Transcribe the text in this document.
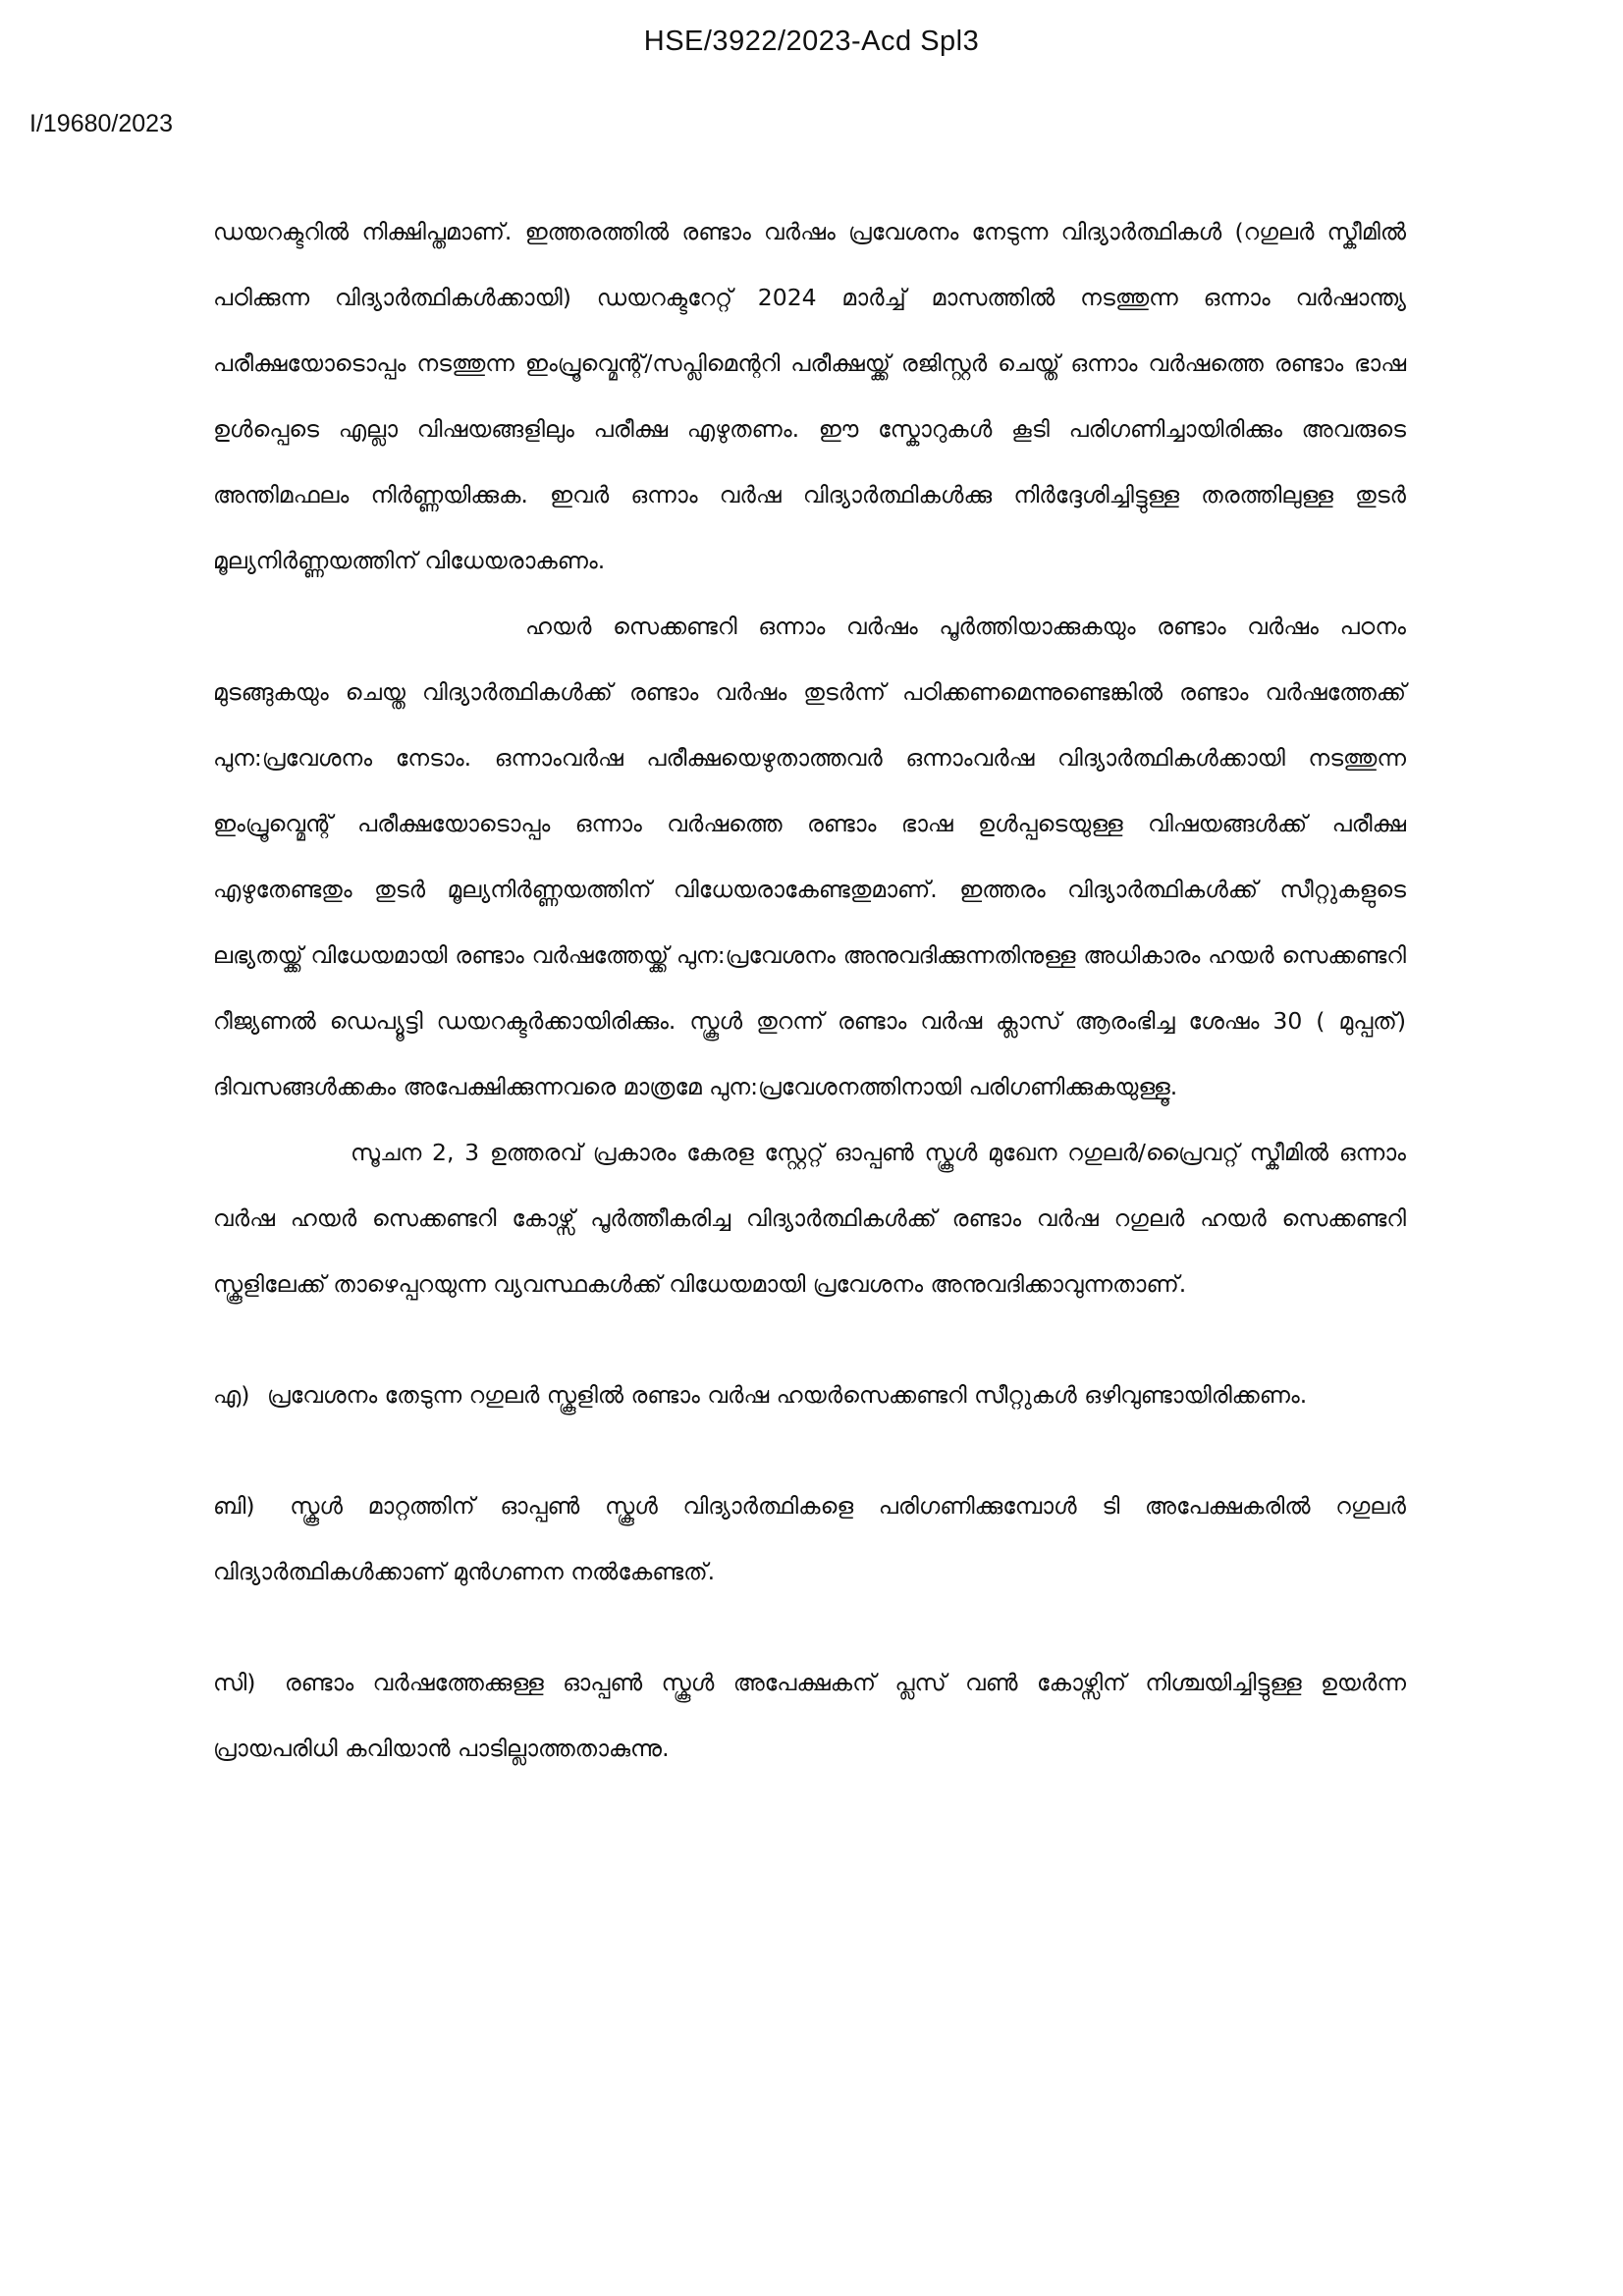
HSE/3922/2023-Acd Spl3
I/19680/2023

ഡയറക്ടറിൽ നിക്ഷിപ്തമാണ്. ഇത്തരത്തിൽ രണ്ടാം വർഷം പ്രവേശനം നേടുന്ന വിദ്യാർത്ഥികൾ (റഗുലർ സ്കീമിൽ പഠിക്കുന്ന വിദ്യാർത്ഥികൾക്കായി) ഡയറക്ടറേറ്റ് 2024 മാർച്ച് മാസത്തിൽ നടത്തുന്ന ഒന്നാം വർഷാന്ത്യ പരീക്ഷയോടൊപ്പം നടത്തുന്ന ഇംപ്രൂവ്മെന്റ്/സപ്ലിമെന്ററി പരീക്ഷയ്ക്ക് രജിസ്റ്റർ ചെയ്ത് ഒന്നാം വർഷത്തെ രണ്ടാം ഭാഷ ഉൾപ്പെടെ എല്ലാ വിഷയങ്ങളിലും പരീക്ഷ എഴുതണം. ഈ സ്കോറുകൾ കൂടി പരിഗണിച്ചായിരിക്കും അവരുടെ അന്തിമഫലം നിർണ്ണയിക്കുക. ഇവർ ഒന്നാം വർഷ വിദ്യാർത്ഥികൾക്കു നിർദ്ദേശിച്ചിട്ടുള്ള തരത്തിലുള്ള തുടർ മൂല്യനിർണ്ണയത്തിന് വിധേയരാകണം.

ഹയർ സെക്കണ്ടറി ഒന്നാം വർഷം പൂർത്തിയാക്കുകയും രണ്ടാം വർഷം പഠനം മുടങ്ങുകയും ചെയ്ത വിദ്യാർത്ഥികൾക്ക് രണ്ടാം വർഷം തുടർന്ന് പഠിക്കണമെന്നുണ്ടെങ്കിൽ രണ്ടാം വർഷത്തേക്ക് പുന:പ്രവേശനം നേടാം. ഒന്നാംവർഷ പരീക്ഷയെഴുതാത്തവർ ഒന്നാംവർഷ വിദ്യാർത്ഥികൾക്കായി നടത്തുന്ന ഇംപ്രൂവ്മെന്റ് പരീക്ഷയോടൊപ്പം ഒന്നാം വർഷത്തെ രണ്ടാം ഭാഷ ഉൾപ്പടെയുള്ള വിഷയങ്ങൾക്ക് പരീക്ഷ എഴുതേണ്ടതും തുടർ മൂല്യനിർണ്ണയത്തിന് വിധേയരാകേണ്ടതുമാണ്. ഇത്തരം വിദ്യാർത്ഥികൾക്ക് സീറ്റുകളുടെ ലഭ്യതയ്ക്ക് വിധേയമായി രണ്ടാം വർഷത്തേയ്ക്ക് പുന:പ്രവേശനം അനുവദിക്കുന്നതിനുള്ള അധികാരം ഹയർ സെക്കണ്ടറി റീജ്യണൽ ഡെപ്യൂട്ടി ഡയറക്ടർക്കായിരിക്കും. സ്കൂൾ തുറന്ന് രണ്ടാം വർഷ ക്ലാസ് ആരംഭിച്ച ശേഷം 30 ( മുപ്പത്) ദിവസങ്ങൾക്കകം അപേക്ഷിക്കുന്നവരെ മാത്രമേ പുന:പ്രവേശനത്തിനായി പരിഗണിക്കുകയുള്ളൂ.

സൂചന 2, 3 ഉത്തരവ് പ്രകാരം കേരള സ്റ്റേറ്റ് ഓപ്പൺ സ്കൂൾ മുഖേന റഗുലർ/പ്രൈവറ്റ് സ്കീമിൽ ഒന്നാം വർഷ ഹയർ സെക്കണ്ടറി കോഴ്സ് പൂർത്തീകരിച്ച വിദ്യാർത്ഥികൾക്ക് രണ്ടാം വർഷ റഗുലർ ഹയർ സെക്കണ്ടറി സ്കൂളിലേക്ക് താഴെപ്പറയുന്ന വ്യവസ്ഥകൾക്ക് വിധേയമായി പ്രവേശനം അനുവദിക്കാവുന്നതാണ്.

എ) പ്രവേശനം തേടുന്ന റഗുലർ സ്കൂളിൽ രണ്ടാം വർഷ ഹയർസെക്കണ്ടറി സീറ്റുകൾ ഒഴിവുണ്ടായിരിക്കണം.

ബി) സ്കൂൾ മാറ്റത്തിന് ഓപ്പൺ സ്കൂൾ വിദ്യാർത്ഥികളെ പരിഗണിക്കുമ്പോൾ ടി അപേക്ഷകരിൽ റഗുലർ വിദ്യാർത്ഥികൾക്കാണ് മുൻഗണന നൽകേണ്ടത്.

സി) രണ്ടാം വർഷത്തേക്കുള്ള ഓപ്പൺ സ്കൂൾ അപേക്ഷകന് പ്ലസ് വൺ കോഴ്സിന് നിശ്ചയിച്ചിട്ടുള്ള ഉയർന്ന പ്രായപരിധി കവിയാൻ പാടില്ലാത്തതാകുന്നു.
